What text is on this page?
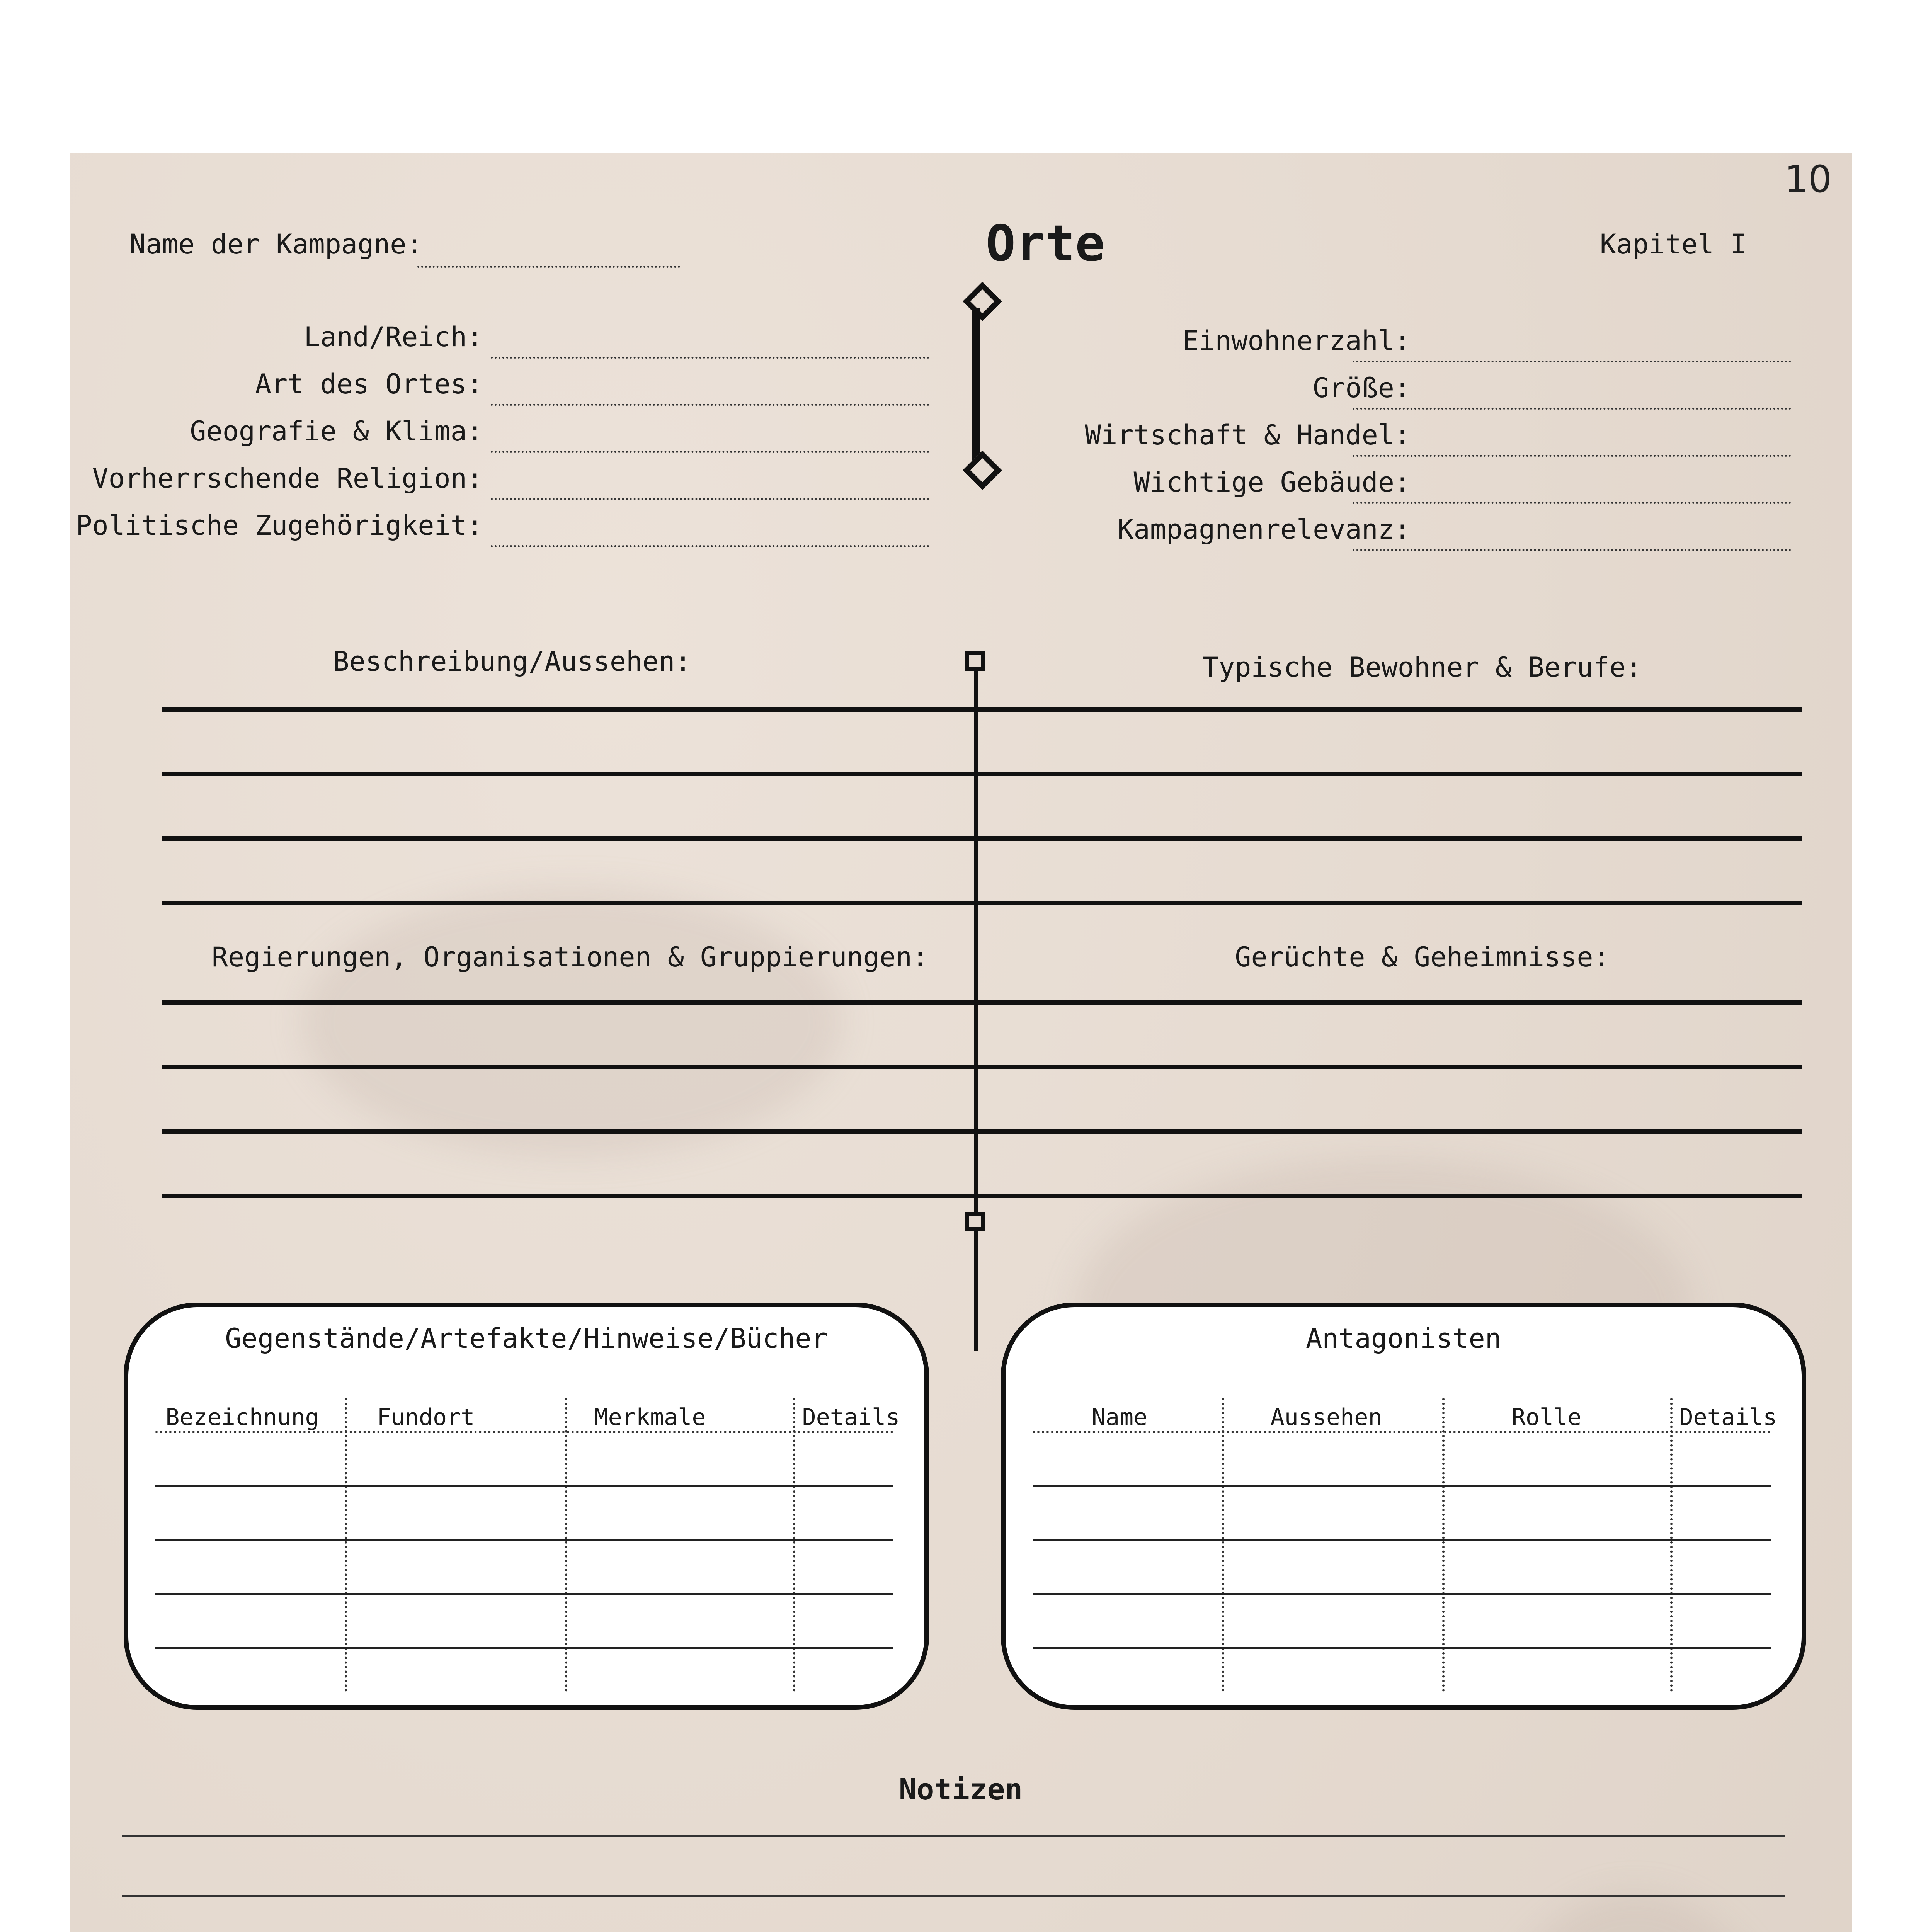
10
Name der Kampagne:	Orte	Kapitel I
Land/Reich:
Art des Ortes:
Geografie & Klima:
Vorherrschende Religion:
Politische Zugehörigkeit:
Einwohnerzahl:
Größe:
Wirtschaft & Handel:
Wichtige Gebäude:
Kampagnenrelevanz:
Beschreibung/Aussehen:	Typische Bewohner & Berufe:
Regierungen, Organisationen & Gruppierungen:	Gerüchte & Geheimnisse:
Gegenstände/Artefakte/Hinweise/Bücher
Bezeichnung	Fundort	Merkmale	Details
Antagonisten
Name	Aussehen	Rolle	Details
Notizen
